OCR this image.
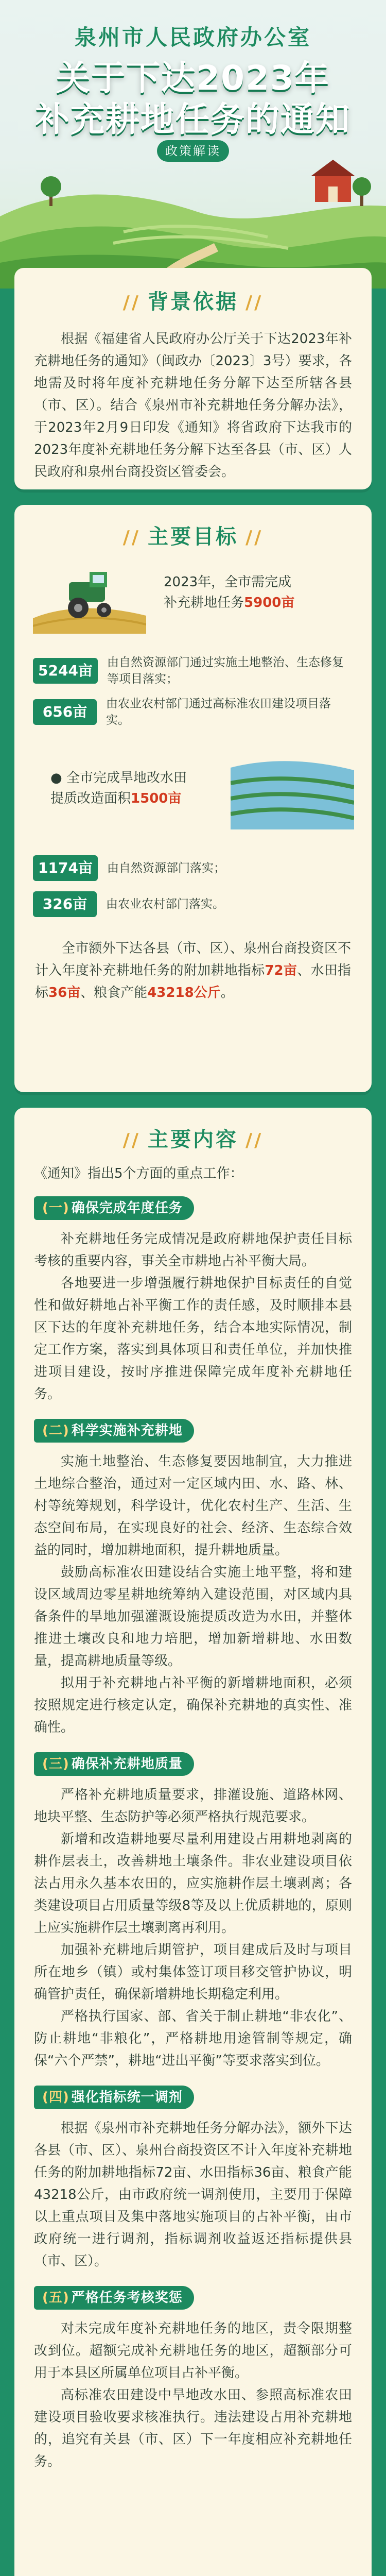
泉州市人民政府办公室
关于下达2023年
补充耕地任务的通知
政策解读
// 背景依据 //

根据《福建省人民政府办公厅关于下达2023年补充耕地任务的通知》（闽政办〔2023〕3号）要求，各地需及时将年度补充耕地任务分解下达至所辖各县（市、区）。结合《泉州市补充耕地任务分解办法》，于2023年2月9日印发《通知》将省政府下达我市的2023年度补充耕地任务分解下达至各县（市、区）人民政府和泉州台商投资区管委会。

// 主要目标 //
2023年，全市需完成
补充耕地任务5900亩
5244亩	由自然资源部门通过实施土地整治、生态修复等项目落实；
656亩	由农业农村部门通过高标准农田建设项目落实。
● 全市完成旱地改水田
提质改造面积1500亩
1174亩	由自然资源部门落实；
326亩	由农业农村部门落实。

全市额外下达各县（市、区）、泉州台商投资区不计入年度补充耕地任务的附加耕地指标72亩、水田指标36亩、粮食产能43218公斤。

// 主要内容 //

《通知》指出5个方面的重点工作：

(一) 确保完成年度任务

补充耕地任务完成情况是政府耕地保护责任目标考核的重要内容，事关全市耕地占补平衡大局。

各地要进一步增强履行耕地保护目标责任的自觉性和做好耕地占补平衡工作的责任感，及时顺排本县区下达的年度补充耕地任务，结合本地实际情况，制定工作方案，落实到具体项目和责任单位，并加快推进项目建设，按时序推进保障完成年度补充耕地任务。

(二) 科学实施补充耕地

实施土地整治、生态修复要因地制宜，大力推进土地综合整治，通过对一定区域内田、水、路、林、村等统筹规划，科学设计，优化农村生产、生活、生态空间布局，在实现良好的社会、经济、生态综合效益的同时，增加耕地面积，提升耕地质量。

鼓励高标准农田建设结合实施土地平整，将和建设区域周边零星耕地统筹纳入建设范围，对区域内具备条件的旱地加强灌溉设施提质改造为水田，并整体推进土壤改良和地力培肥，增加新增耕地、水田数量，提高耕地质量等级。

拟用于补充耕地占补平衡的新增耕地面积，必须按照规定进行核定认定，确保补充耕地的真实性、准确性。

(三) 确保补充耕地质量

严格补充耕地质量要求，排灌设施、道路林网、地块平整、生态防护等必须严格执行规范要求。

新增和改造耕地要尽量利用建设占用耕地剥离的耕作层表土，改善耕地土壤条件。非农业建设项目依法占用永久基本农田的，应实施耕作层土壤剥离；各类建设项目占用质量等级8等及以上优质耕地的，原则上应实施耕作层土壤剥离再利用。

加强补充耕地后期管护，项目建成后及时与项目所在地乡（镇）或村集体签订项目移交管护协议，明确管护责任，确保新增耕地长期稳定利用。

严格执行国家、部、省关于制止耕地“非农化”、防止耕地“非粮化”，严格耕地用途管制等规定，确保“六个严禁”，耕地“进出平衡”等要求落实到位。

(四) 强化指标统一调剂

根据《泉州市补充耕地任务分解办法》，额外下达各县（市、区）、泉州台商投资区不计入年度补充耕地任务的附加耕地指标72亩、水田指标36亩、粮食产能43218公斤，由市政府统一调剂使用，主要用于保障以上重点项目及集中落地实施项目的占补平衡，由市政府统一进行调剂，指标调剂收益返还指标提供县（市、区）。

(五) 严格任务考核奖惩

对未完成年度补充耕地任务的地区，责令限期整改到位。超额完成补充耕地任务的地区，超额部分可用于本县区所属单位项目占补平衡。

高标准农田建设中旱地改水田、参照高标准农田建设项目验收要求核准执行。违法建设占用补充耕地的，追究有关县（市、区）下一年度相应补充耕地任务。
